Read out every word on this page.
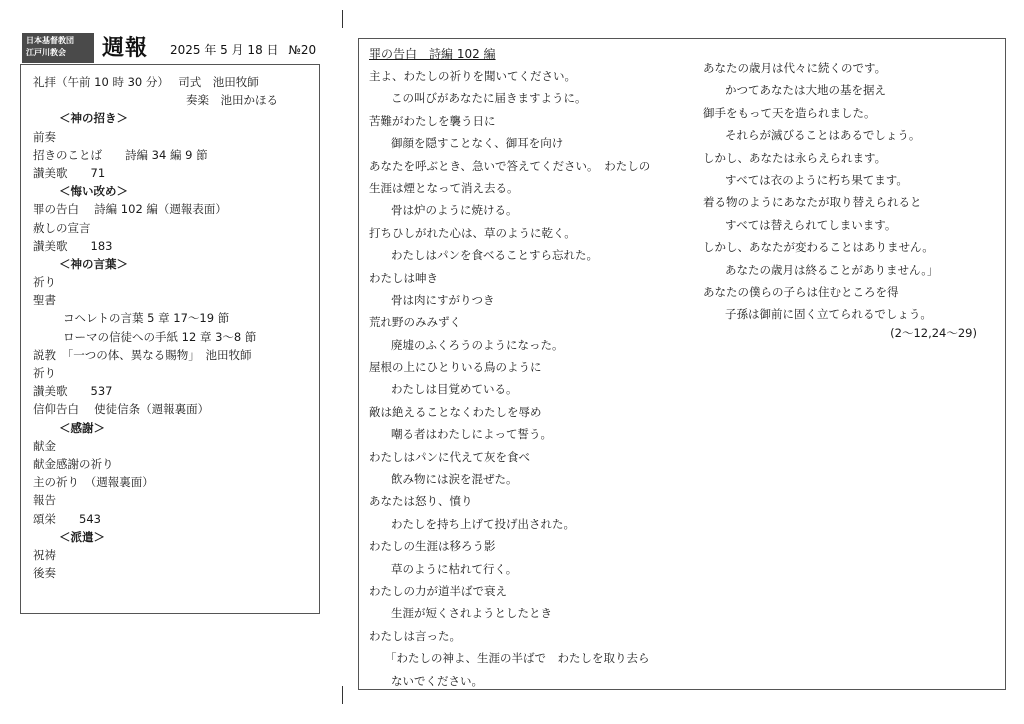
日本基督教団
江戸川教会	週報 2025 年 5 月 18 日 №20
礼拝（午前 10 時 30 分）　 司式　池田牧師
奏楽　池田かほる
＜神の招き＞
前奏
招きのことば　　詩編 34 編 9 節
讃美歌　　71
＜悔い改め＞
罪の告白　 詩編 102 編（週報表面）
赦しの宣言
讃美歌　　183
＜神の言葉＞
祈り
聖書
コヘレトの言葉 5 章 17～19 節
ローマの信徒への手紙 12 章 3～8 節
説教　「一つの体、異なる賜物」　池田牧師
祈り
讃美歌　　537
信仰告白　 使徒信条（週報裏面）
＜感謝＞
献金
献金感謝の祈り
主の祈り　（週報裏面）
報告
頌栄　　543
＜派遣＞
祝祷
後奏
罪の告白　詩編 102 編
主よ、わたしの祈りを聞いてください。
この叫びがあなたに届きますように。
苦難がわたしを襲う日に
御顔を隠すことなく、御耳を向け
あなたを呼ぶとき、急いで答えてください。　わたしの
生涯は煙となって消え去る。
骨は炉のように焼ける。
打ちひしがれた心は、草のように乾く。
わたしはパンを食べることすら忘れた。
わたしは呻き
骨は肉にすがりつき
荒れ野のみみずく
廃墟のふくろうのようになった。
屋根の上にひとりいる鳥のように
わたしは目覚めている。
敵は絶えることなくわたしを辱め
嘲る者はわたしによって誓う。
わたしはパンに代えて灰を食べ
飲み物には涙を混ぜた。
あなたは怒り、憤り
わたしを持ち上げて投げ出された。
わたしの生涯は移ろう影
草のように枯れて行く。
わたしの力が道半ばで衰え
生涯が短くされようとしたとき
わたしは言った。
「わたしの神よ、生涯の半ばで　わたしを取り去ら
ないでください。
あなたの歳月は代々に続くのです。
かつてあなたは大地の基を据え
御手をもって天を造られました。
それらが滅びることはあるでしょう。
しかし、あなたは永らえられます。
すべては衣のように朽ち果てます。
着る物のようにあなたが取り替えられると
すべては替えられてしまいます。
しかし、あなたが変わることはありません。
あなたの歳月は終ることがありません。」
あなたの僕らの子らは住むところを得
子孫は御前に固く立てられるでしょう。
(2～12,24～29)
